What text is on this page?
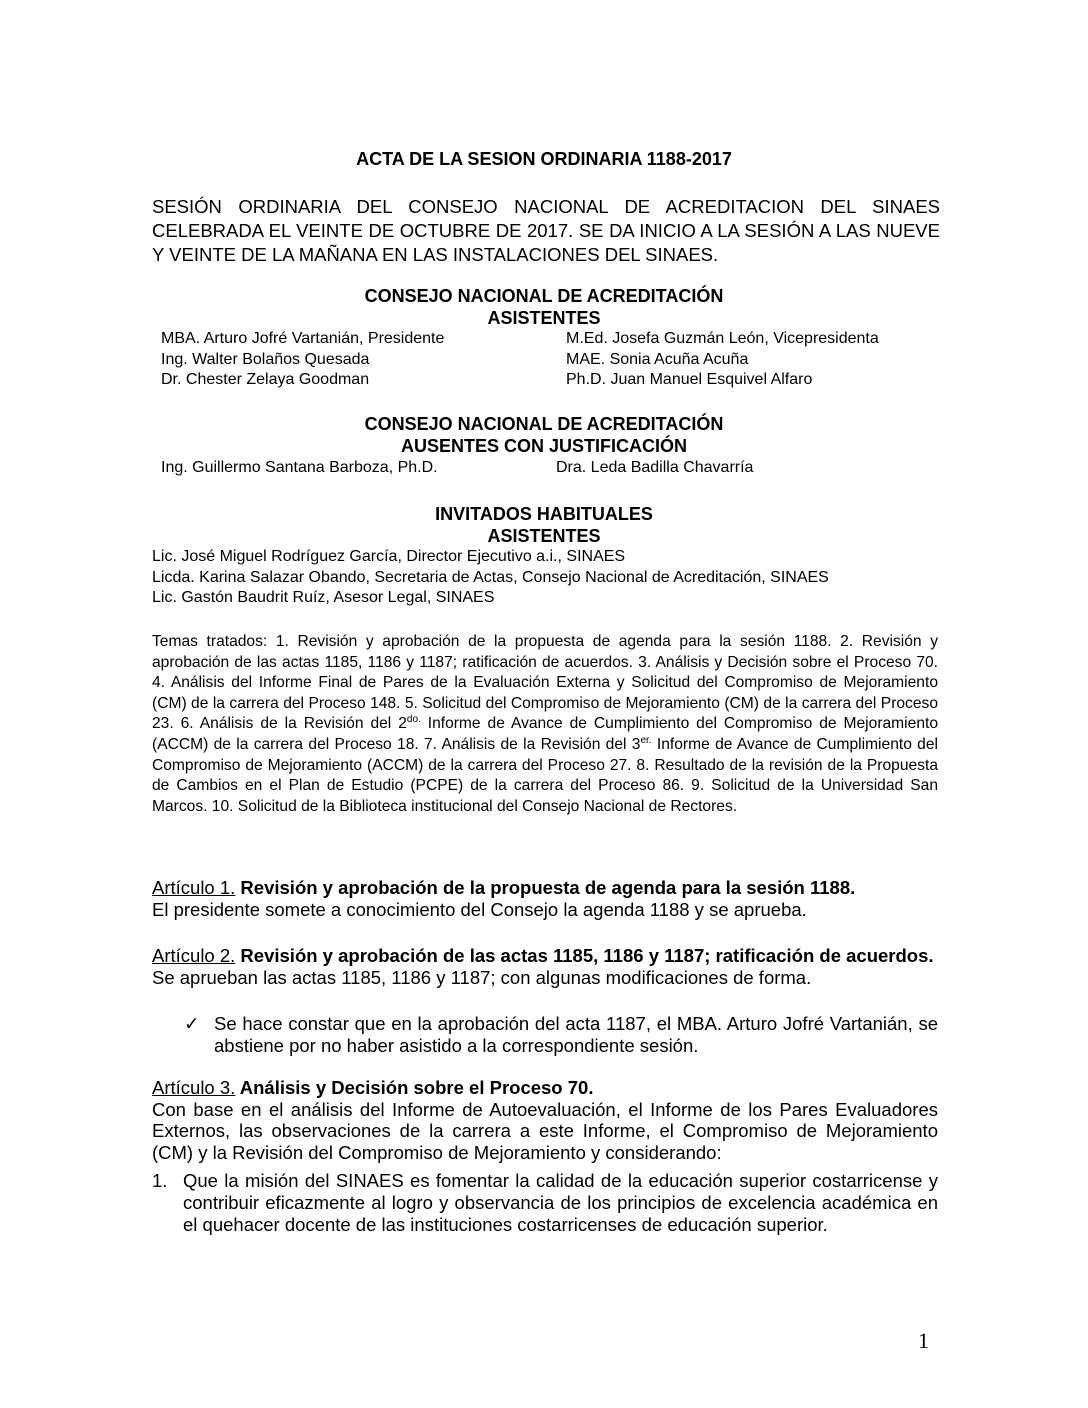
ACTA DE LA SESION ORDINARIA 1188-2017
SESIÓN ORDINARIA DEL CONSEJO NACIONAL DE ACREDITACION DEL SINAES CELEBRADA EL VEINTE DE OCTUBRE DE 2017. SE DA INICIO A LA SESIÓN A LAS NUEVE Y VEINTE DE LA MAÑANA EN LAS INSTALACIONES DEL SINAES.
CONSEJO NACIONAL DE ACREDITACIÓN
ASISTENTES
MBA. Arturo Jofré Vartanián, Presidente	M.Ed. Josefa Guzmán León, Vicepresidenta
Ing. Walter Bolaños Quesada	MAE. Sonia Acuña Acuña
Dr. Chester Zelaya Goodman	Ph.D. Juan Manuel Esquivel Alfaro
CONSEJO NACIONAL DE ACREDITACIÓN
AUSENTES CON JUSTIFICACIÓN
Ing. Guillermo Santana Barboza, Ph.D.	Dra. Leda Badilla Chavarría
INVITADOS HABITUALES
ASISTENTES
Lic. José Miguel Rodríguez García, Director Ejecutivo a.i., SINAES
Licda. Karina Salazar Obando, Secretaria de Actas, Consejo Nacional de Acreditación, SINAES
Lic. Gastón Baudrit Ruíz, Asesor Legal, SINAES
Temas tratados: 1. Revisión y aprobación de la propuesta de agenda para la sesión 1188. 2. Revisión y aprobación de las actas 1185, 1186 y 1187; ratificación de acuerdos. 3. Análisis y Decisión sobre el Proceso 70. 4. Análisis del Informe Final de Pares de la Evaluación Externa y Solicitud del Compromiso de Mejoramiento (CM) de la carrera del Proceso 148. 5. Solicitud del Compromiso de Mejoramiento (CM) de la carrera del Proceso 23. 6. Análisis de la Revisión del $2^{do.}$ Informe de Avance de Cumplimiento del Compromiso de Mejoramiento (ACCM) de la carrera del Proceso 18. 7. Análisis de la Revisión del $3^{er.}$ Informe de Avance de Cumplimiento del Compromiso de Mejoramiento (ACCM) de la carrera del Proceso 27. 8. Resultado de la revisión de la Propuesta de Cambios en el Plan de Estudio (PCPE) de la carrera del Proceso 86. 9. Solicitud de la Universidad San Marcos. 10. Solicitud de la Biblioteca institucional del Consejo Nacional de Rectores.
Artículo 1. Revisión y aprobación de la propuesta de agenda para la sesión 1188.
El presidente somete a conocimiento del Consejo la agenda 1188 y se aprueba.
Artículo 2. Revisión y aprobación de las actas 1185, 1186 y 1187; ratificación de acuerdos.
Se aprueban las actas 1185, 1186 y 1187; con algunas modificaciones de forma.
✓ Se hace constar que en la aprobación del acta 1187, el MBA. Arturo Jofré Vartanián, se abstiene por no haber asistido a la correspondiente sesión.
Artículo 3. Análisis y Decisión sobre el Proceso 70.
Con base en el análisis del Informe de Autoevaluación, el Informe de los Pares Evaluadores Externos, las observaciones de la carrera a este Informe, el Compromiso de Mejoramiento (CM) y la Revisión del Compromiso de Mejoramiento y considerando:
1. Que la misión del SINAES es fomentar la calidad de la educación superior costarricense y contribuir eficazmente al logro y observancia de los principios de excelencia académica en el quehacer docente de las instituciones costarricenses de educación superior.
1
